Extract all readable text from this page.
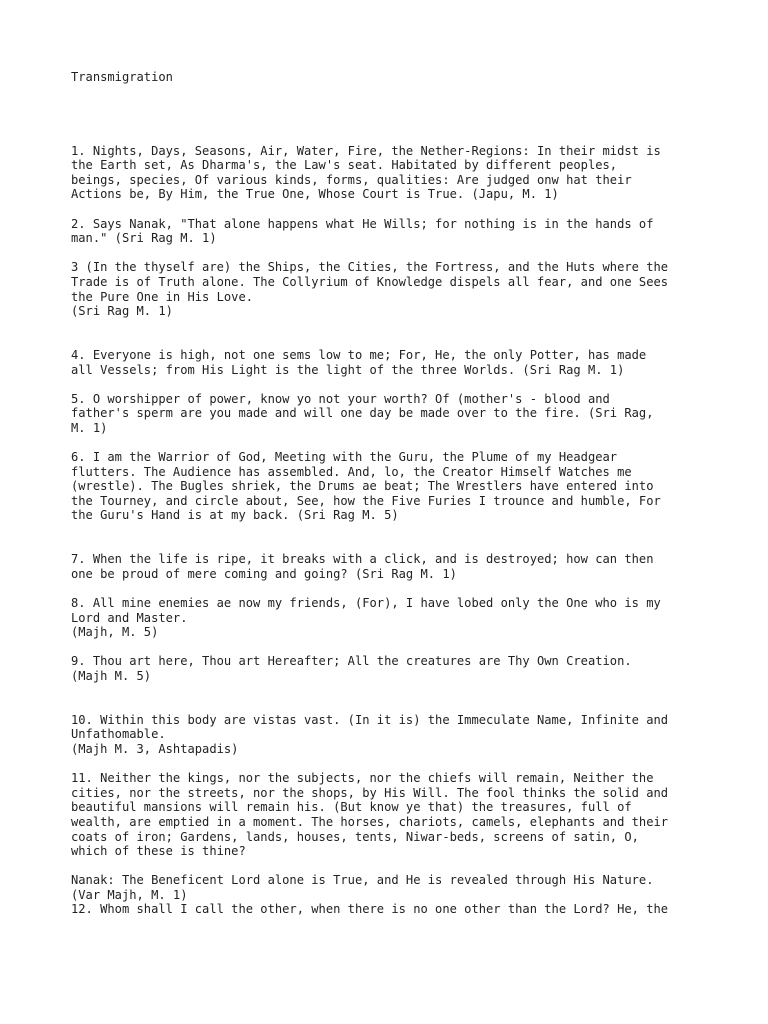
Transmigration

1. Nights, Days, Seasons, Air, Water, Fire, the Nether-Regions: In their midst is
the Earth set, As Dharma's, the Law's seat. Habitated by different peoples,
beings, species, Of various kinds, forms, qualities: Are judged onw hat their
Actions be, By Him, the True One, Whose Court is True. (Japu, M. 1)

2. Says Nanak, "That alone happens what He Wills; for nothing is in the hands of
man." (Sri Rag M. 1)

3 (In the thyself are) the Ships, the Cities, the Fortress, and the Huts where the
Trade is of Truth alone. The Collyrium of Knowledge dispels all fear, and one Sees
the Pure One in His Love.
(Sri Rag M. 1)

4. Everyone is high, not one sems low to me; For, He, the only Potter, has made
all Vessels; from His Light is the light of the three Worlds. (Sri Rag M. 1)

5. O worshipper of power, know yo not your worth? Of (mother's - blood and
father's sperm are you made and will one day be made over to the fire. (Sri Rag,
M. 1)

6. I am the Warrior of God, Meeting with the Guru, the Plume of my Headgear
flutters. The Audience has assembled. And, lo, the Creator Himself Watches me
(wrestle). The Bugles shriek, the Drums ae beat; The Wrestlers have entered into
the Tourney, and circle about, See, how the Five Furies I trounce and humble, For
the Guru's Hand is at my back. (Sri Rag M. 5)

7. When the life is ripe, it breaks with a click, and is destroyed; how can then
one be proud of mere coming and going? (Sri Rag M. 1)

8. All mine enemies ae now my friends, (For), I have lobed only the One who is my
Lord and Master.
(Majh, M. 5)

9. Thou art here, Thou art Hereafter; All the creatures are Thy Own Creation.
(Majh M. 5)

10. Within this body are vistas vast. (In it is) the Immeculate Name, Infinite and
Unfathomable.
(Majh M. 3, Ashtapadis)

11. Neither the kings, nor the subjects, nor the chiefs will remain, Neither the
cities, nor the streets, nor the shops, by His Will. The fool thinks the solid and
beautiful mansions will remain his. (But know ye that) the treasures, full of
wealth, are emptied in a moment. The horses, chariots, camels, elephants and their
coats of iron; Gardens, lands, houses, tents, Niwar-beds, screens of satin, O,
which of these is thine?

Nanak: The Beneficent Lord alone is True, and He is revealed through His Nature.
(Var Majh, M. 1)
12. Whom shall I call the other, when there is no one other than the Lord? He, the
